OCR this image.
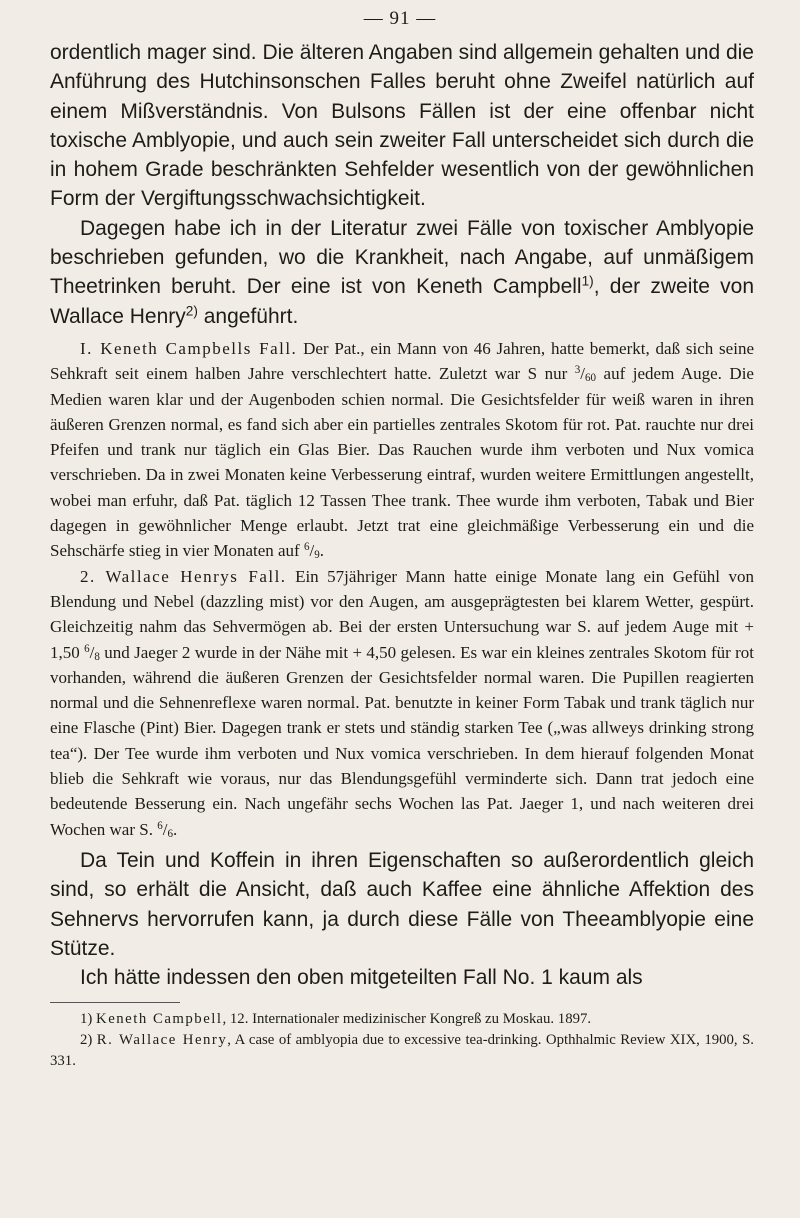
— 91 —

ordentlich mager sind. Die älteren Angaben sind allgemein gehalten und die Anführung des Hutchinsonschen Falles beruht ohne Zweifel natürlich auf einem Mißverständnis. Von Bulsons Fällen ist der eine offenbar nicht toxische Amblyopie, und auch sein zweiter Fall unterscheidet sich durch die in hohem Grade beschränkten Sehfelder wesentlich von der gewöhnlichen Form der Vergiftungsschwachsichtigkeit.

Dagegen habe ich in der Literatur zwei Fälle von toxischer Amblyopie beschrieben gefunden, wo die Krankheit, nach Angabe, auf unmäßigem Theetrinken beruht. Der eine ist von Keneth Campbell$^{1)}$, der zweite von Wallace Henry$^{2)}$ angeführt.

I. Keneth Campbells Fall. Der Pat., ein Mann von 46 Jahren, hatte bemerkt, daß sich seine Sehkraft seit einem halben Jahre verschlechtert hatte. Zuletzt war S nur $^3/_{60}$ auf jedem Auge. Die Medien waren klar und der Augenboden schien normal. Die Gesichtsfelder für weiß waren in ihren äußeren Grenzen normal, es fand sich aber ein partielles zentrales Skotom für rot. Pat. rauchte nur drei Pfeifen und trank nur täglich ein Glas Bier. Das Rauchen wurde ihm verboten und Nux vomica verschrieben. Da in zwei Monaten keine Verbesserung eintraf, wurden weitere Ermittlungen angestellt, wobei man erfuhr, daß Pat. täglich 12 Tassen Thee trank. Thee wurde ihm verboten, Tabak und Bier dagegen in gewöhnlicher Menge erlaubt. Jetzt trat eine gleichmäßige Verbesserung ein und die Sehschärfe stieg in vier Monaten auf $^6/_9$.

2. Wallace Henrys Fall. Ein 57jähriger Mann hatte einige Monate lang ein Gefühl von Blendung und Nebel (dazzling mist) vor den Augen, am ausgeprägtesten bei klarem Wetter, gespürt. Gleichzeitig nahm das Sehvermögen ab. Bei der ersten Untersuchung war S. auf jedem Auge mit + 1,50 $^6/_8$ und Jaeger 2 wurde in der Nähe mit + 4,50 gelesen. Es war ein kleines zentrales Skotom für rot vorhanden, während die äußeren Grenzen der Gesichtsfelder normal waren. Die Pupillen reagierten normal und die Sehnenreflexe waren normal. Pat. benutzte in keiner Form Tabak und trank täglich nur eine Flasche (Pint) Bier. Dagegen trank er stets und ständig starken Tee („was allweys drinking strong tea“). Der Tee wurde ihm verboten und Nux vomica verschrieben. In dem hierauf folgenden Monat blieb die Sehkraft wie voraus, nur das Blendungsgefühl verminderte sich. Dann trat jedoch eine bedeutende Besserung ein. Nach ungefähr sechs Wochen las Pat. Jaeger 1, und nach weiteren drei Wochen war S. $^6/_6$.

Da Tein und Koffein in ihren Eigenschaften so außerordentlich gleich sind, so erhält die Ansicht, daß auch Kaffee eine ähnliche Affektion des Sehnervs hervorrufen kann, ja durch diese Fälle von Theeamblyopie eine Stütze.

Ich hätte indessen den oben mitgeteilten Fall No. 1 kaum als

1) Keneth Campbell, 12. Internationaler medizinischer Kongreß zu Moskau. 1897.

2) R. Wallace Henry, A case of amblyopia due to excessive tea-drinking. Opthhalmic Review XIX, 1900, S. 331.
